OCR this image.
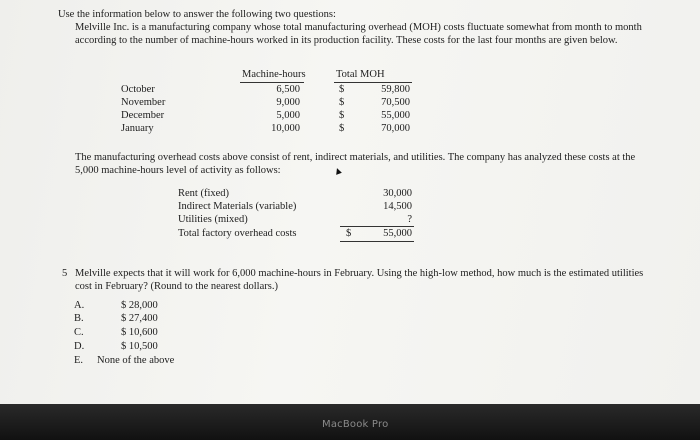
Use the information below to answer the following two questions:
Melville Inc. is a manufacturing company whose total manufacturing overhead (MOH) costs fluctuate somewhat from month to month
according to the number of machine-hours worked in its production facility. These costs for the last four months are given below.
Machine-hours	Total MOH
October	6,500	$	59,800
November	9,000	$	70,500
December	5,000	$	55,000
January	10,000	$	70,000
The manufacturing overhead costs above consist of rent, indirect materials, and utilities. The company has analyzed these costs at the
5,000 machine-hours level of activity as follows:
Rent (fixed)	30,000
Indirect Materials (variable)	14,500
Utilities (mixed)	?
Total factory overhead costs	$	55,000
5 Melville expects that it will work for 6,000 machine-hours in February. Using the high-low method, how much is the estimated utilities
cost in February? (Round to the nearest dollars.)
A.	$ 28,000
B.	$ 27,400
C.	$ 10,600
D.	$ 10,500
E. None of the above
MacBook Pro
